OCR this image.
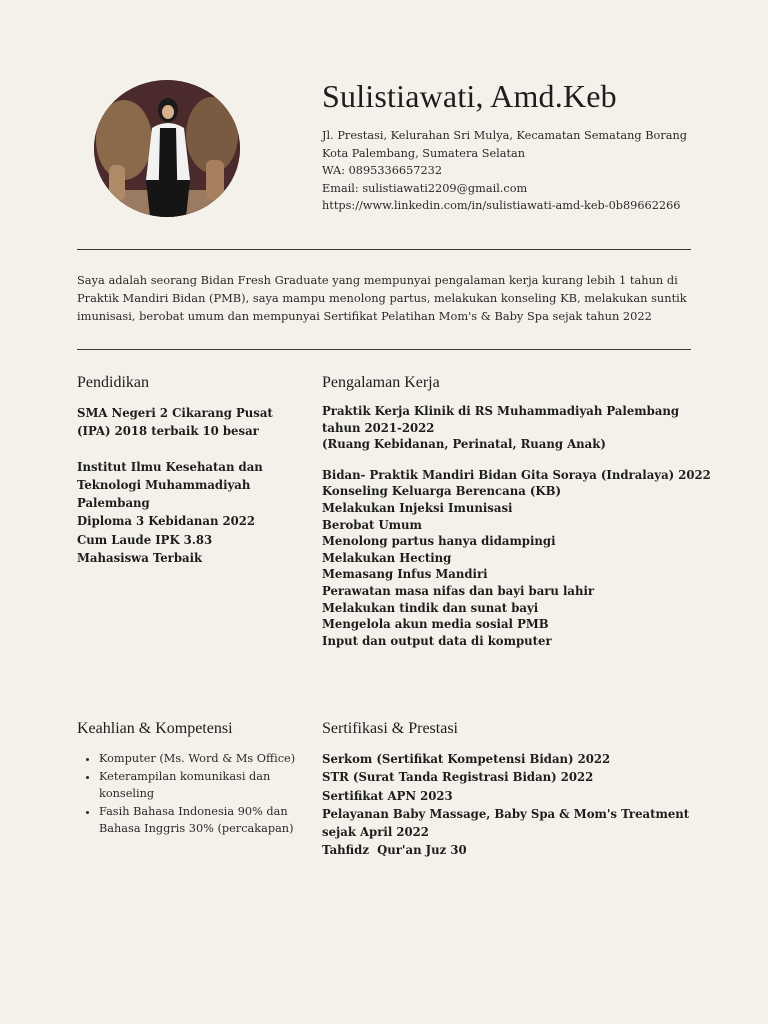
Sulistiawati, Amd.Keb
Jl. Prestasi, Kelurahan Sri Mulya, Kecamatan Sematang Borang
Kota Palembang, Sumatera Selatan
WA: 0895336657232
Email: sulistiawati2209@gmail.com
https://www.linkedin.com/in/sulistiawati-amd-keb-0b89662266
Saya adalah seorang Bidan Fresh Graduate yang mempunyai pengalaman kerja kurang lebih 1 tahun di Praktik Mandiri Bidan (PMB), saya mampu menolong partus, melakukan konseling KB, melakukan suntik imunisasi, berobat umum dan mempunyai Sertifikat Pelatihan Mom's & Baby Spa sejak tahun 2022
Pendidikan
SMA Negeri 2 Cikarang Pusat
(IPA) 2018 terbaik 10 besar
Institut Ilmu Kesehatan dan
Teknologi Muhammadiyah
Palembang
Diploma 3 Kebidanan 2022
Cum Laude IPK 3.83
Mahasiswa Terbaik
Pengalaman Kerja
Praktik Kerja Klinik di RS Muhammadiyah Palembang
tahun 2021-2022
(Ruang Kebidanan, Perinatal, Ruang Anak)
Bidan- Praktik Mandiri Bidan Gita Soraya (Indralaya) 2022
Konseling Keluarga Berencana (KB)
Melakukan Injeksi Imunisasi
Berobat Umum
Menolong partus hanya didampingi
Melakukan Hecting
Memasang Infus Mandiri
Perawatan masa nifas dan bayi baru lahir
Melakukan tindik dan sunat bayi
Mengelola akun media sosial PMB
Input dan output data di komputer
Keahlian & Kompetensi
• Komputer (Ms. Word & Ms Office)
• Keterampilan komunikasi dan konseling
• Fasih Bahasa Indonesia 90% dan Bahasa Inggris 30% (percakapan)
Sertifikasi & Prestasi
Serkom (Sertifikat Kompetensi Bidan) 2022
STR (Surat Tanda Registrasi Bidan) 2022
Sertifikat APN 2023
Pelayanan Baby Massage, Baby Spa & Mom's Treatment
sejak April 2022
Tahfidz  Qur'an Juz 30
